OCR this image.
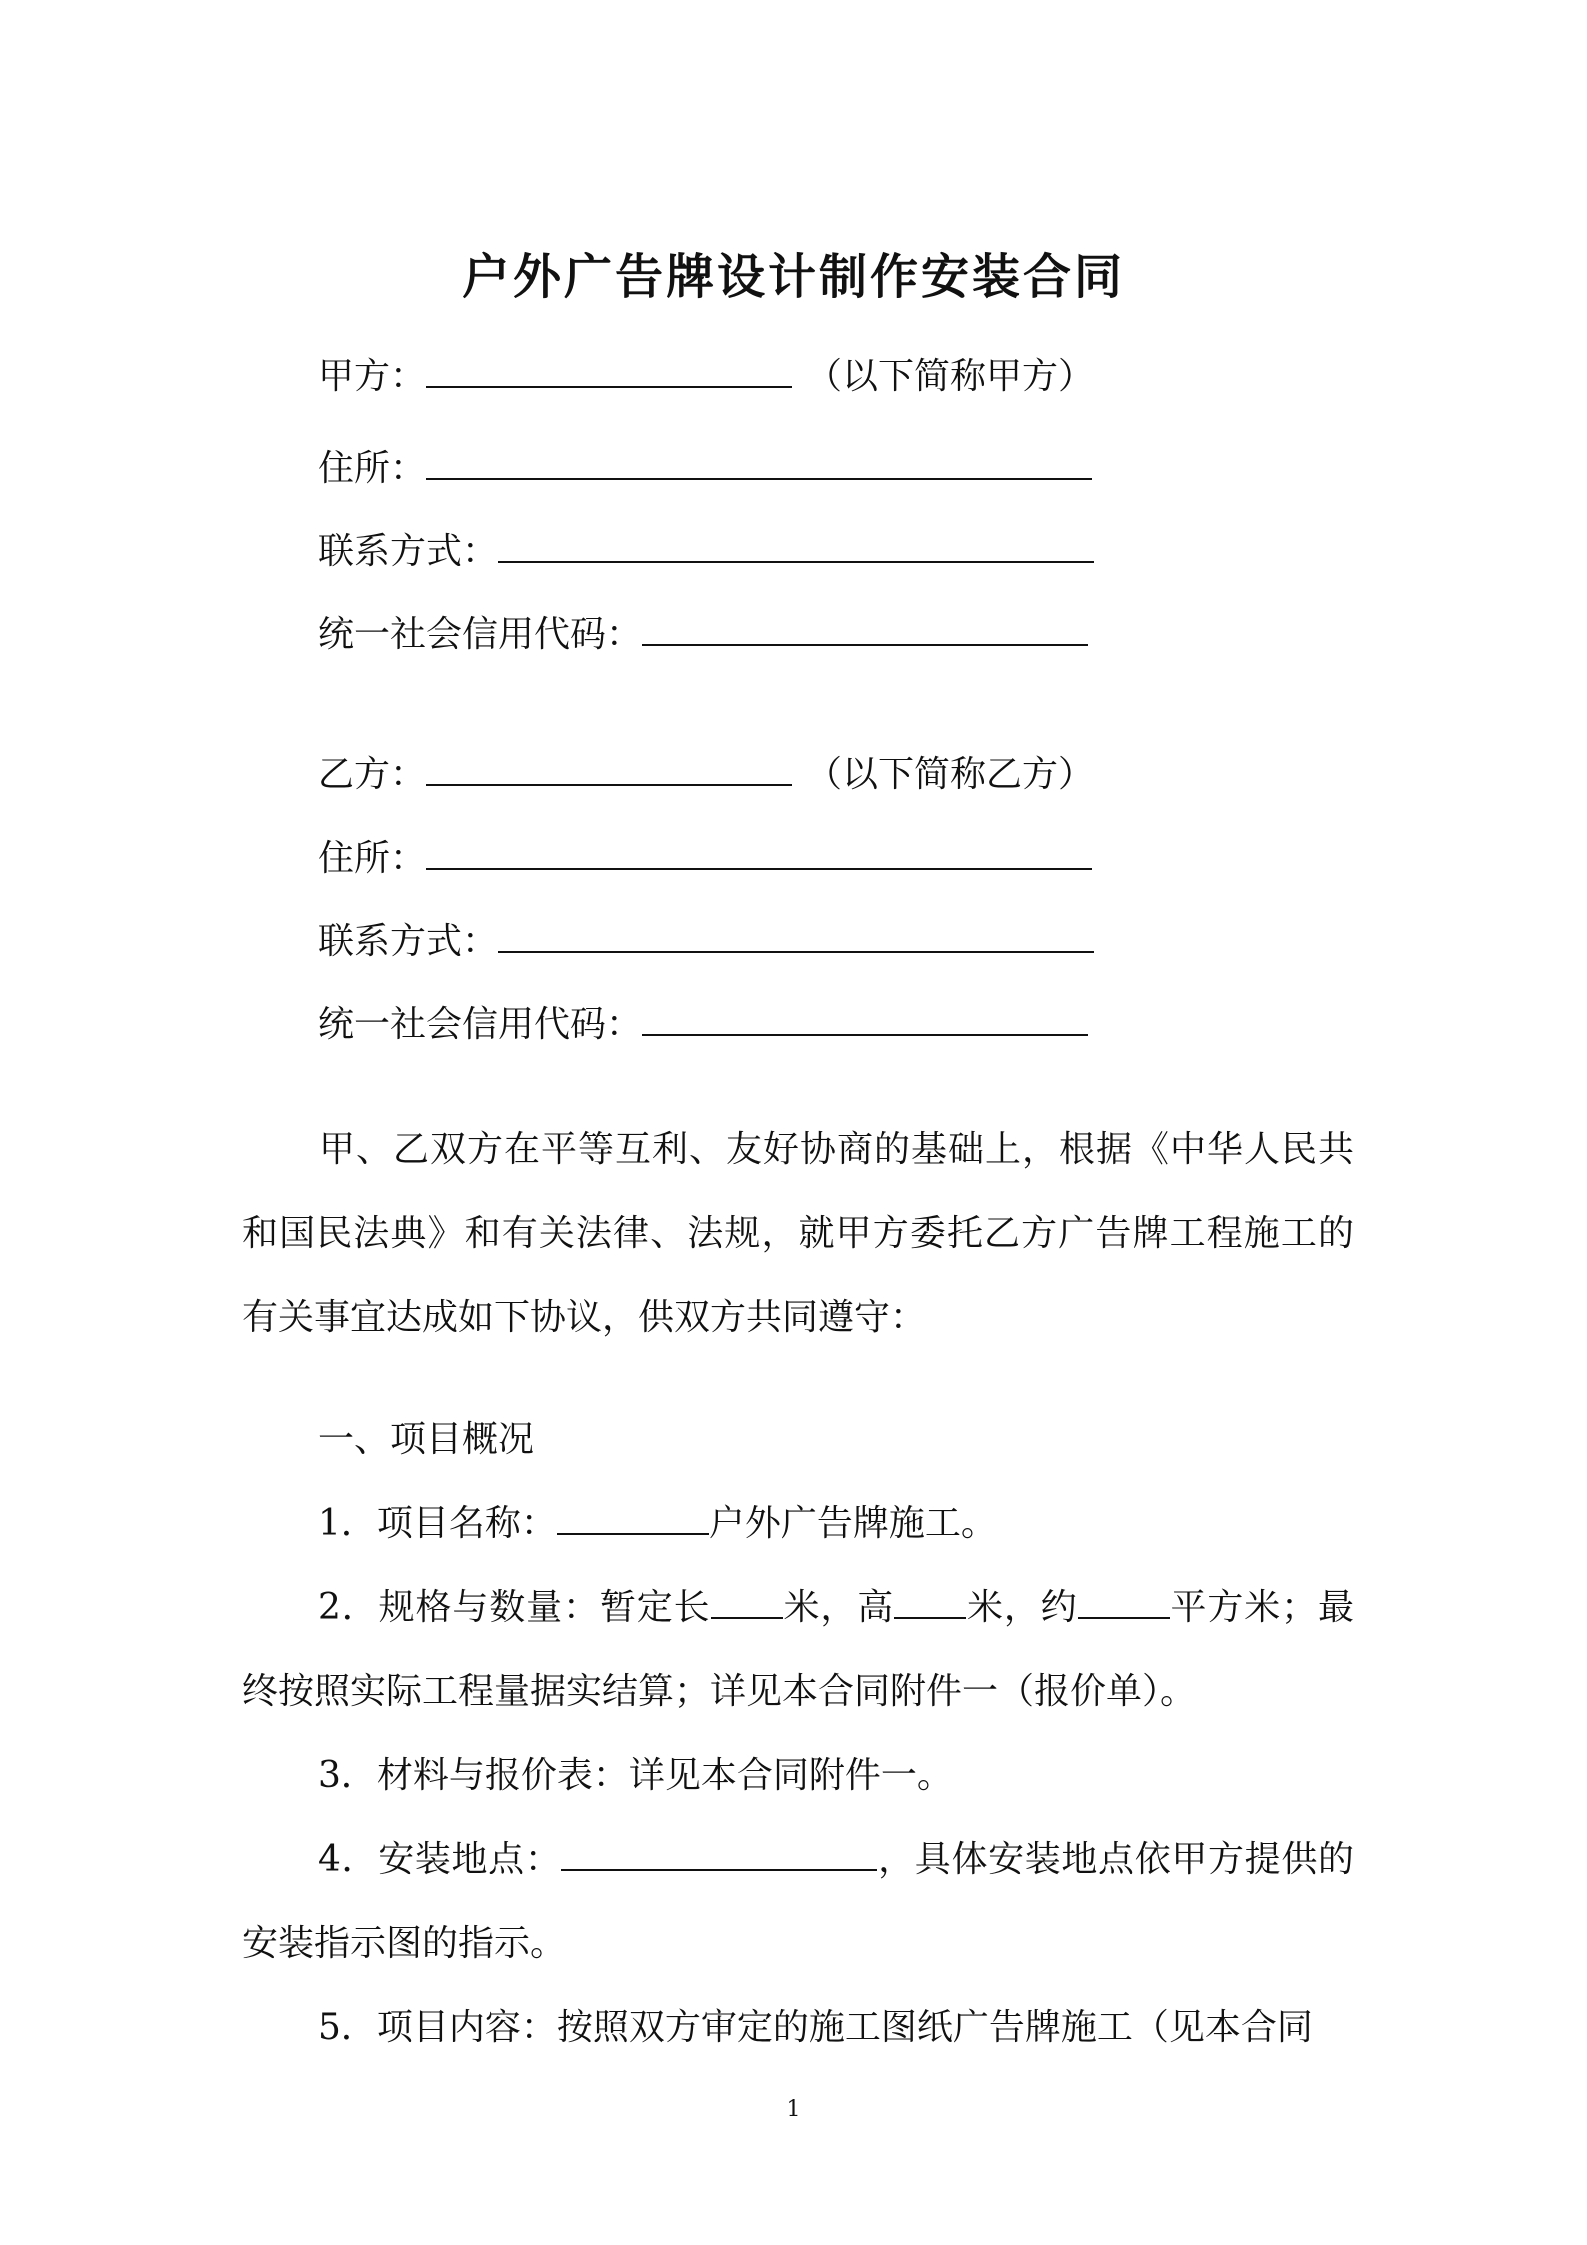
户外广告牌设计制作安装合同
甲方：	（以下简称甲方）
住所：
联系方式：
统一社会信用代码：
乙方：	（以下简称乙方）
住所：
联系方式：
统一社会信用代码：
甲、乙双方在平等互利、友好协商的基础上，根据《中华人民共和国民法典》和有关法律、法规，就甲方委托乙方广告牌工程施工的有关事宜达成如下协议，供双方共同遵守：
一、项目概况
1．项目名称：	户外广告牌施工。
2．规格与数量：暂定长 米，高 米，约	平方米；最终按照实际工程量据实结算；详见本合同附件一（报价单）。
3．材料与报价表：详见本合同附件一。
4．安装地点：	，具体安装地点依甲方提供的安装指示图的指示。
5．项目内容：按照双方审定的施工图纸广告牌施工（见本合同
1
